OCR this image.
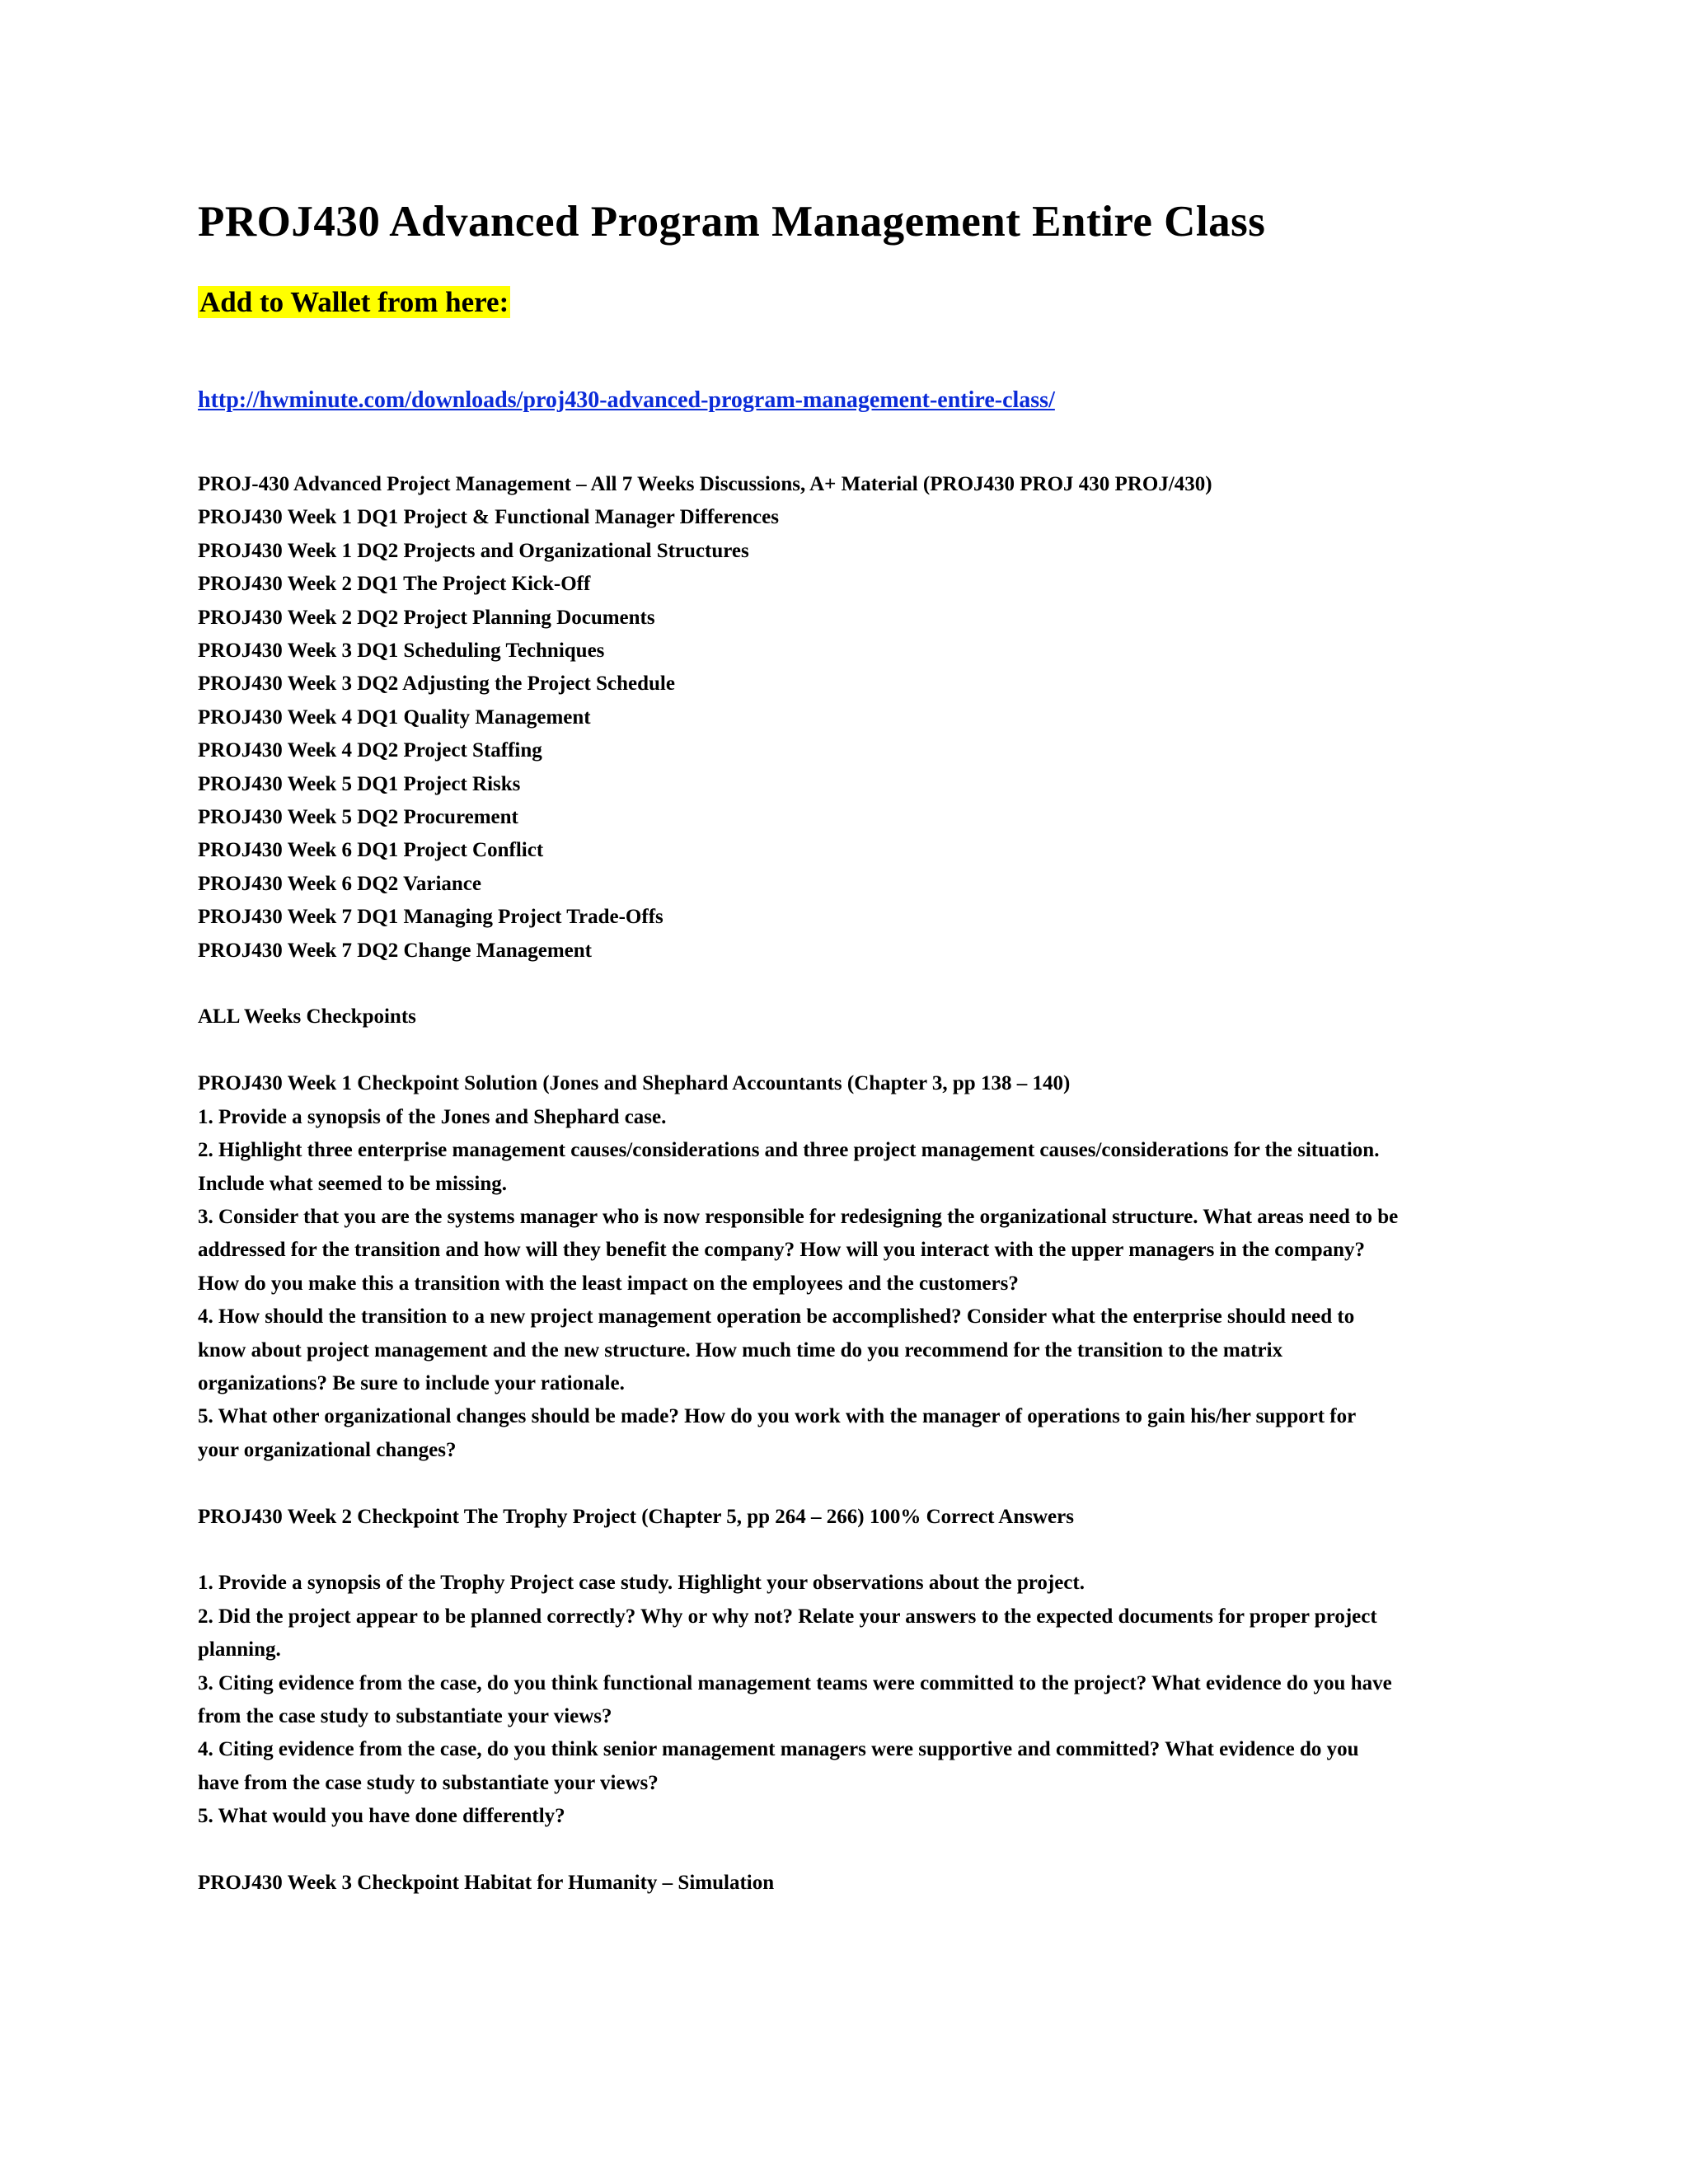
PROJ430 Advanced Program Management Entire Class
Add to Wallet from here:
http://hwminute.com/downloads/proj430-advanced-program-management-entire-class/
PROJ-430 Advanced Project Management – All 7 Weeks Discussions, A+ Material (PROJ430 PROJ 430 PROJ/430)
PROJ430 Week 1 DQ1 Project & Functional Manager Differences
PROJ430 Week 1 DQ2 Projects and Organizational Structures
PROJ430 Week 2 DQ1 The Project Kick-Off
PROJ430 Week 2 DQ2 Project Planning Documents
PROJ430 Week 3 DQ1 Scheduling Techniques
PROJ430 Week 3 DQ2 Adjusting the Project Schedule
PROJ430 Week 4 DQ1 Quality Management
PROJ430 Week 4 DQ2 Project Staffing
PROJ430 Week 5 DQ1 Project Risks
PROJ430 Week 5 DQ2 Procurement
PROJ430 Week 6 DQ1 Project Conflict
PROJ430 Week 6 DQ2 Variance
PROJ430 Week 7 DQ1 Managing Project Trade-Offs
PROJ430 Week 7 DQ2 Change Management
ALL Weeks Checkpoints
PROJ430 Week 1 Checkpoint Solution (Jones and Shephard Accountants (Chapter 3, pp 138 – 140)
1. Provide a synopsis of the Jones and Shephard case.
2. Highlight three enterprise management causes/considerations and three project management causes/considerations for the situation.
Include what seemed to be missing.
3. Consider that you are the systems manager who is now responsible for redesigning the organizational structure. What areas need to be
addressed for the transition and how will they benefit the company? How will you interact with the upper managers in the company?
How do you make this a transition with the least impact on the employees and the customers?
4. How should the transition to a new project management operation be accomplished? Consider what the enterprise should need to
know about project management and the new structure. How much time do you recommend for the transition to the matrix
organizations? Be sure to include your rationale.
5. What other organizational changes should be made? How do you work with the manager of operations to gain his/her support for
your organizational changes?
PROJ430 Week 2 Checkpoint The Trophy Project (Chapter 5, pp 264 – 266) 100% Correct Answers
1. Provide a synopsis of the Trophy Project case study. Highlight your observations about the project.
2. Did the project appear to be planned correctly? Why or why not? Relate your answers to the expected documents for proper project
planning.
3. Citing evidence from the case, do you think functional management teams were committed to the project? What evidence do you have
from the case study to substantiate your views?
4. Citing evidence from the case, do you think senior management managers were supportive and committed? What evidence do you
have from the case study to substantiate your views?
5. What would you have done differently?
PROJ430 Week 3 Checkpoint Habitat for Humanity – Simulation
